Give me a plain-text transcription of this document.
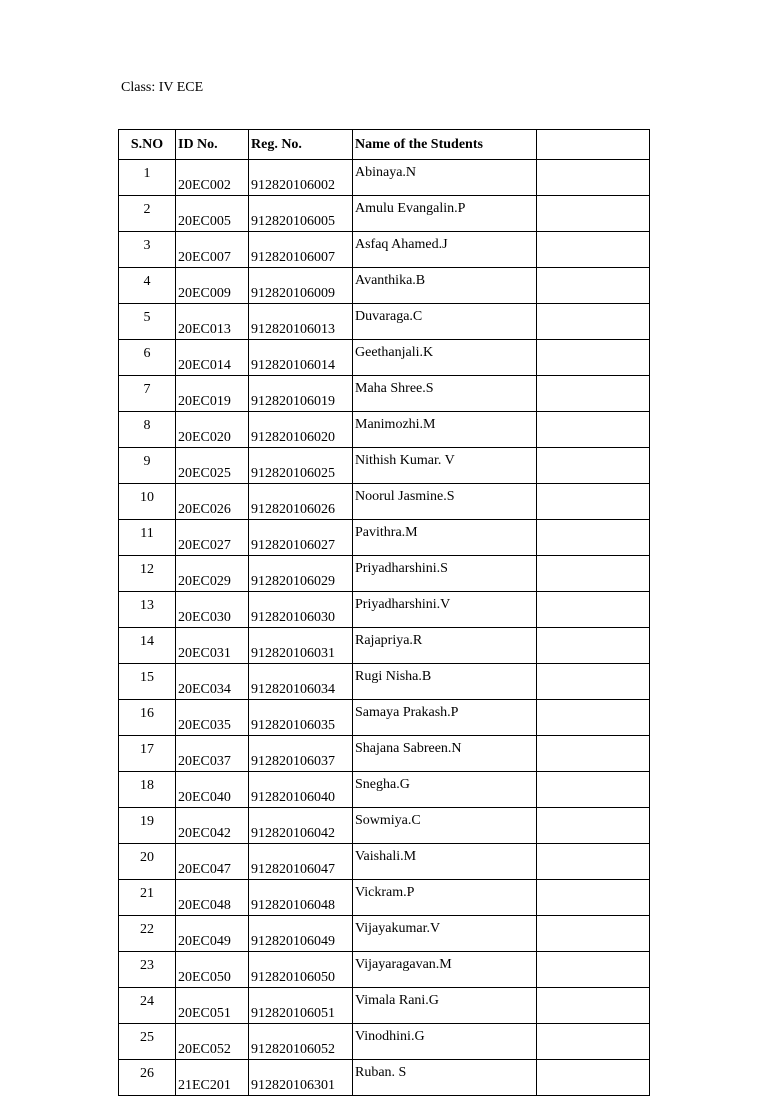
Class: IV ECE
S.NO	ID No.	Reg. No.	Name of the Students	
1	20EC002	912820106002	Abinaya.N	
2	20EC005	912820106005	Amulu Evangalin.P	
3	20EC007	912820106007	Asfaq Ahamed.J	
4	20EC009	912820106009	Avanthika.B	
5	20EC013	912820106013	Duvaraga.C	
6	20EC014	912820106014	Geethanjali.K	
7	20EC019	912820106019	Maha Shree.S	
8	20EC020	912820106020	Manimozhi.M	
9	20EC025	912820106025	Nithish Kumar. V	
10	20EC026	912820106026	Noorul Jasmine.S	
11	20EC027	912820106027	Pavithra.M	
12	20EC029	912820106029	Priyadharshini.S	
13	20EC030	912820106030	Priyadharshini.V	
14	20EC031	912820106031	Rajapriya.R	
15	20EC034	912820106034	Rugi Nisha.B	
16	20EC035	912820106035	Samaya Prakash.P	
17	20EC037	912820106037	Shajana Sabreen.N	
18	20EC040	912820106040	Snegha.G	
19	20EC042	912820106042	Sowmiya.C	
20	20EC047	912820106047	Vaishali.M	
21	20EC048	912820106048	Vickram.P	
22	20EC049	912820106049	Vijayakumar.V	
23	20EC050	912820106050	Vijayaragavan.M	
24	20EC051	912820106051	Vimala Rani.G	
25	20EC052	912820106052	Vinodhini.G	
26	21EC201	912820106301	Ruban. S	
